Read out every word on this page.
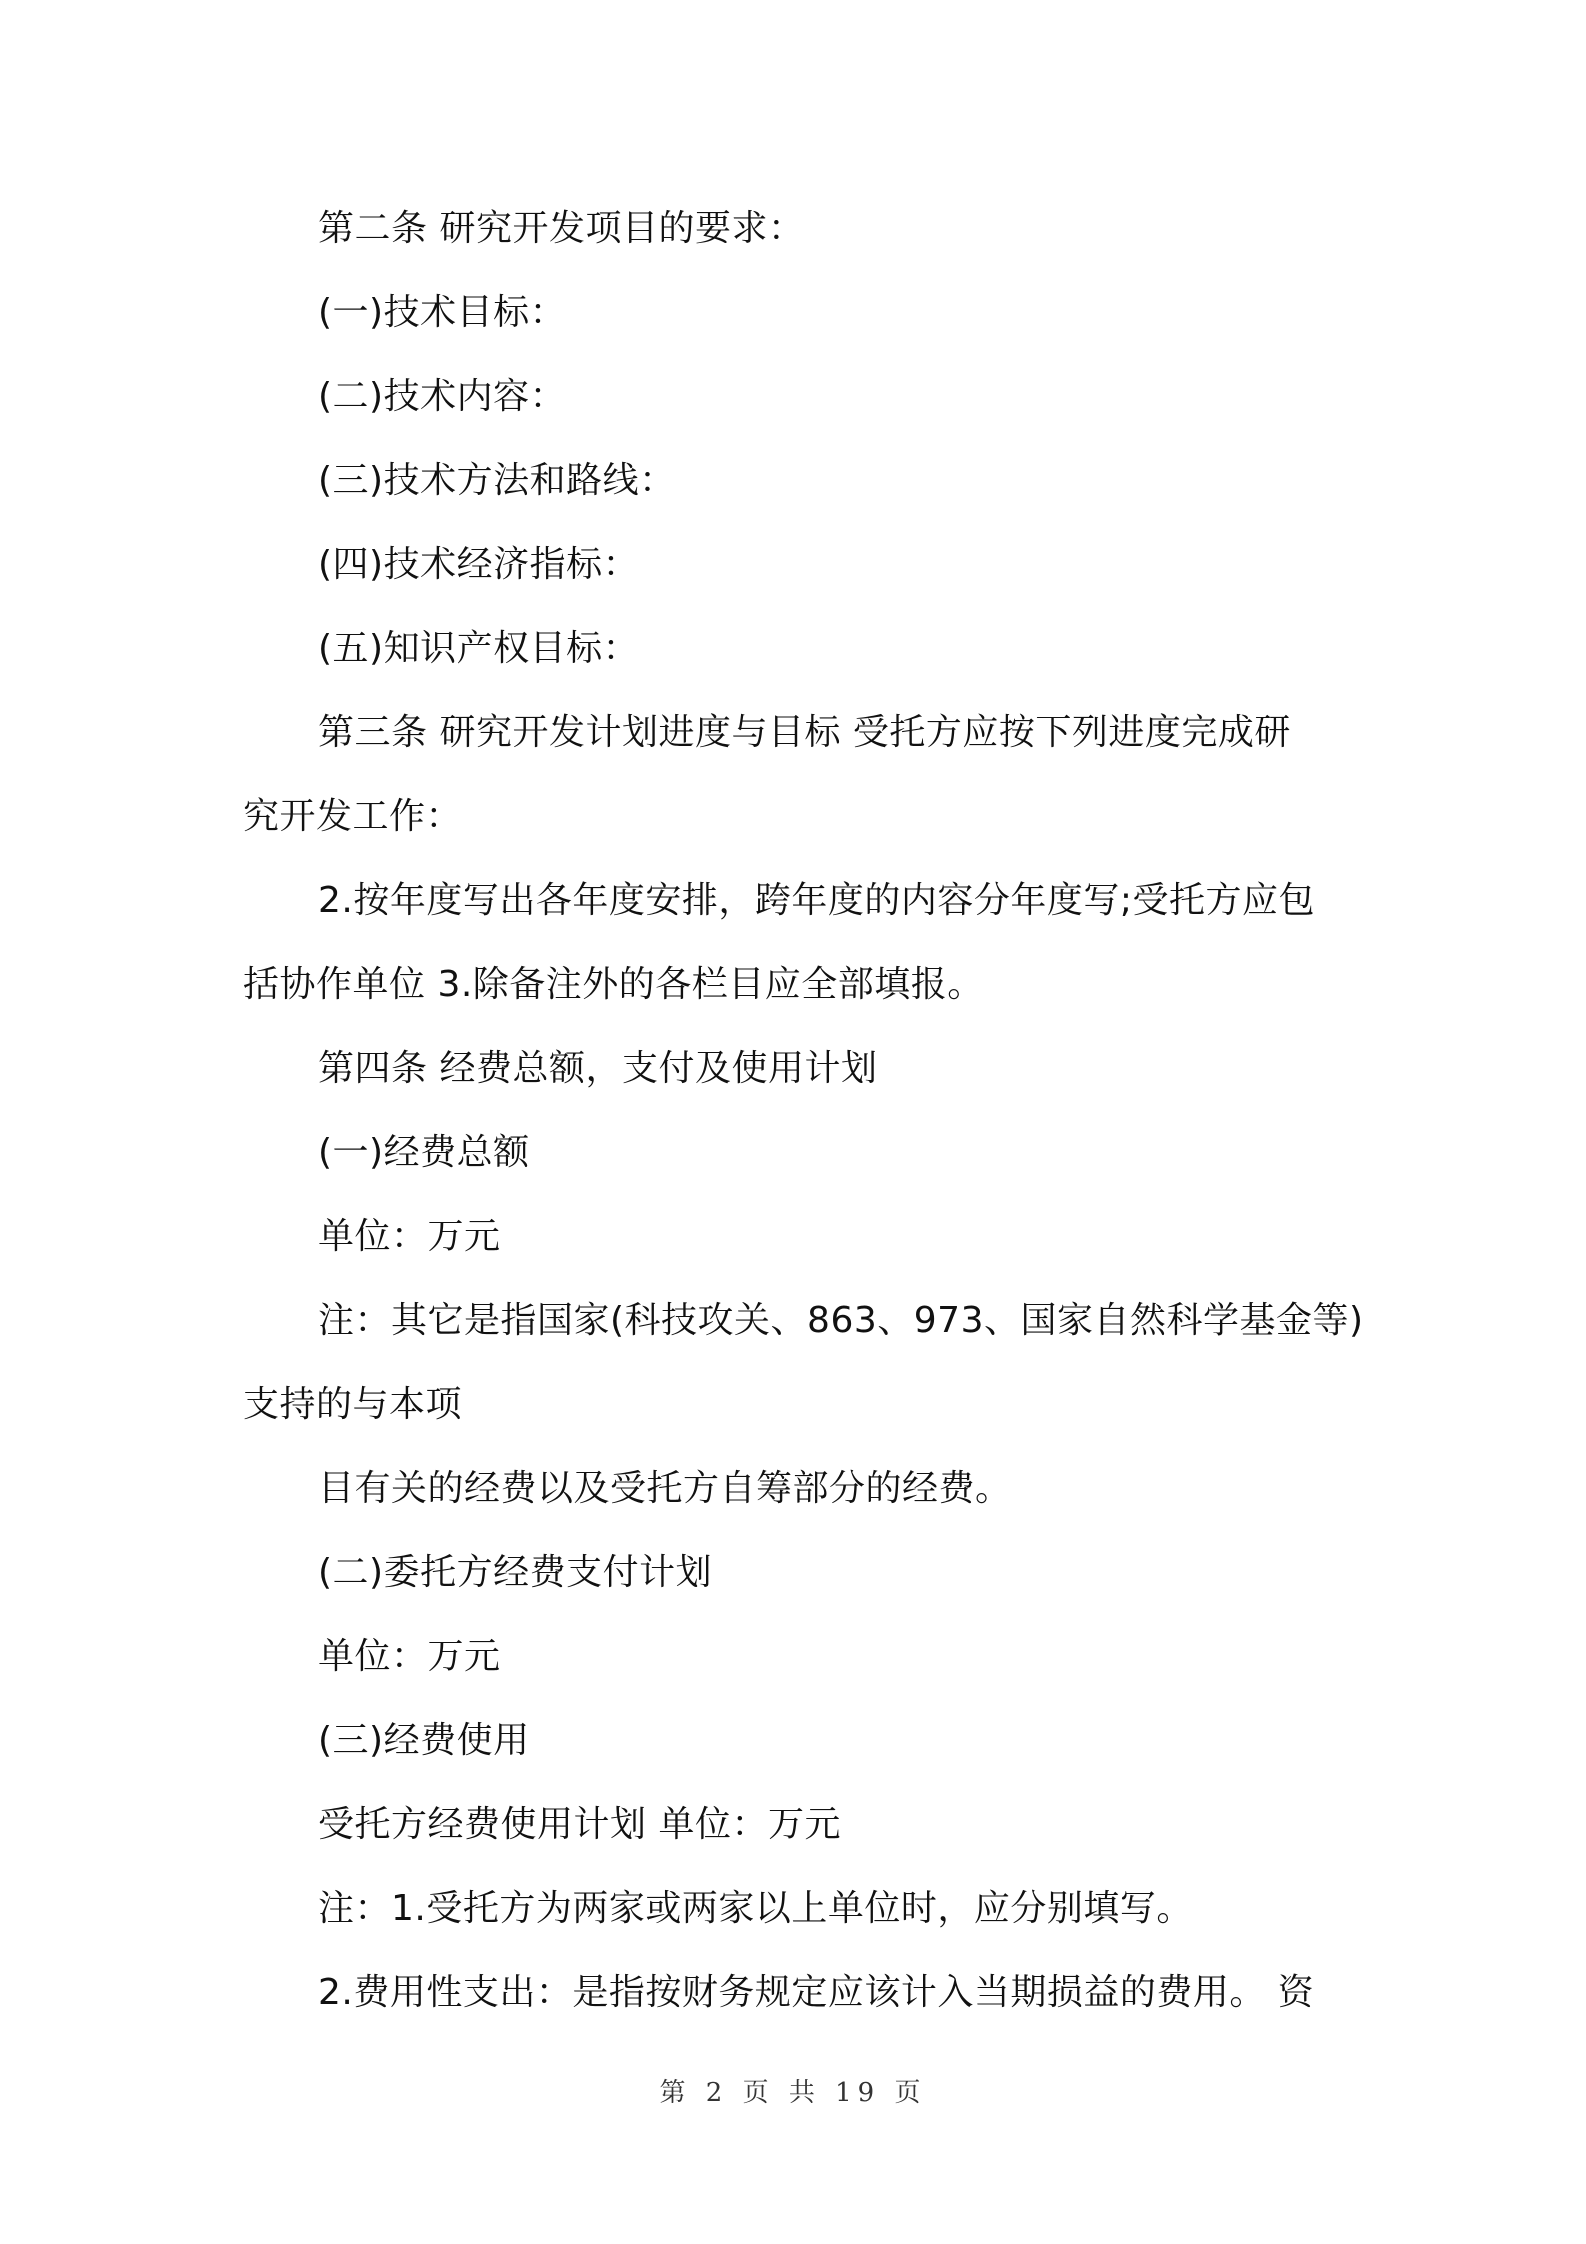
第二条 研究开发项目的要求：
(一)技术目标：
(二)技术内容：
(三)技术方法和路线：
(四)技术经济指标：
(五)知识产权目标：
第三条 研究开发计划进度与目标 受托方应按下列进度完成研
究开发工作：
2.按年度写出各年度安排，跨年度的内容分年度写;受托方应包
括协作单位 3.除备注外的各栏目应全部填报。
第四条 经费总额，支付及使用计划
(一)经费总额
单位：万元
注：其它是指国家(科技攻关、863、973、国家自然科学基金等)
支持的与本项
目有关的经费以及受托方自筹部分的经费。
(二)委托方经费支付计划
单位：万元
(三)经费使用
受托方经费使用计划 单位：万元
注：1.受托方为两家或两家以上单位时，应分别填写。
2.费用性支出：是指按财务规定应该计入当期损益的费用。 资
第 2 页 共 19 页
